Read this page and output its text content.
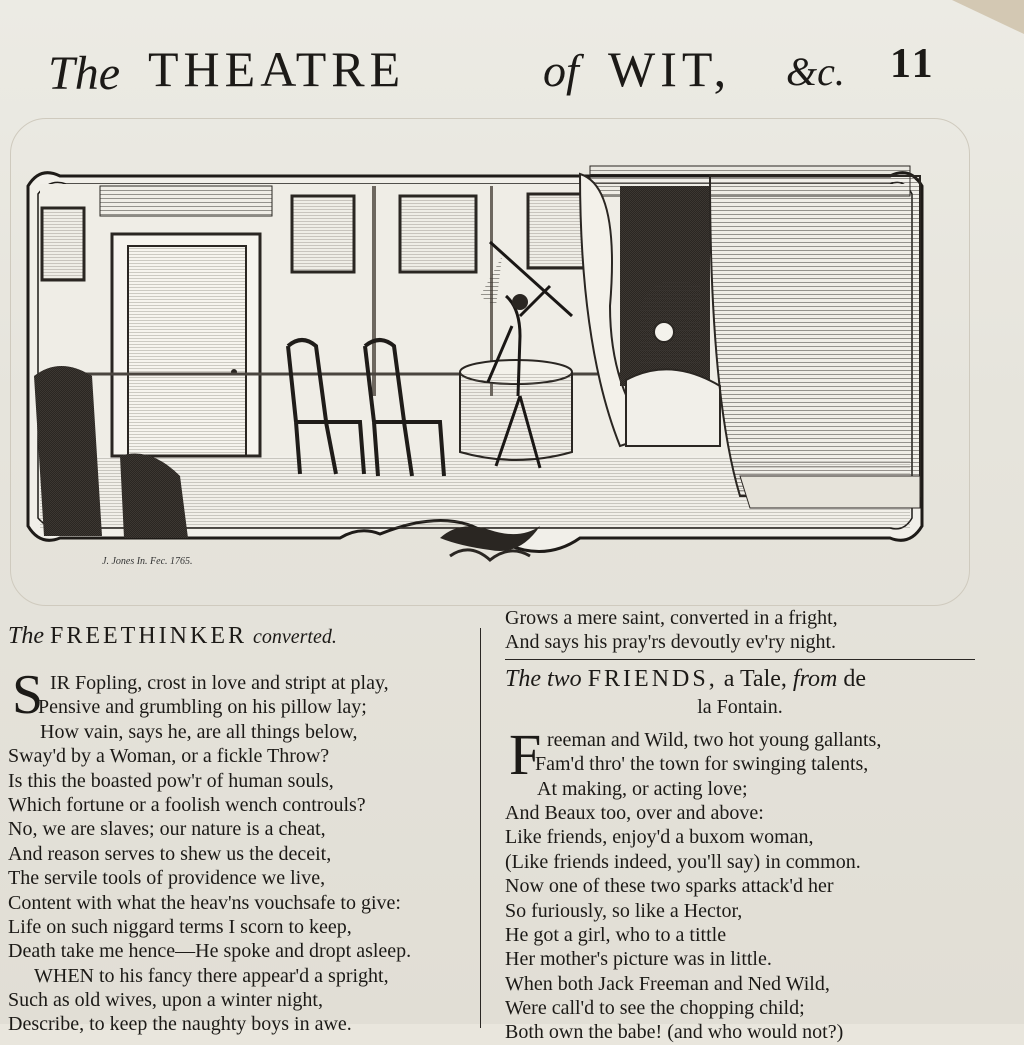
The THEATRE	of WIT, &c. 11
J. Jones In. Fec. 1765.

The FREETHINKER converted.

S IR Fopling, crost in love and stript at play,
Pensive and grumbling on his pillow lay;
How vain, says he, are all things below,
Sway'd by a Woman, or a fickle Throw?
Is this the boasted pow'r of human souls,
Which fortune or a foolish wench controuls?
No, we are slaves; our nature is a cheat,
And reason serves to shew us the deceit,
The servile tools of providence we live,
Content with what the heav'ns vouchsafe to give:
Life on such niggard terms I scorn to keep,
Death take me hence—He spoke and dropt asleep.
WHEN to his fancy there appear'd a spright,
Such as old wives, upon a winter night,
Describe, to keep the naughty boys in awe.
Grows a mere saint, converted in a fright,
And says his pray'rs devoutly ev'ry night.
The two FRIENDS, a Tale, from de
la Fontain.
F reeman and Wild, two hot young gallants,
Fam'd thro' the town for swinging talents,
At making, or acting love;
And Beaux too, over and above:
Like friends, enjoy'd a buxom woman,
(Like friends indeed, you'll say) in common.
Now one of these two sparks attack'd her
So furiously, so like a Hector,
He got a girl, who to a tittle
Her mother's picture was in little.
When both Jack Freeman and Ned Wild,
Were call'd to see the chopping child;
Both own the babe! (and who would not?)
